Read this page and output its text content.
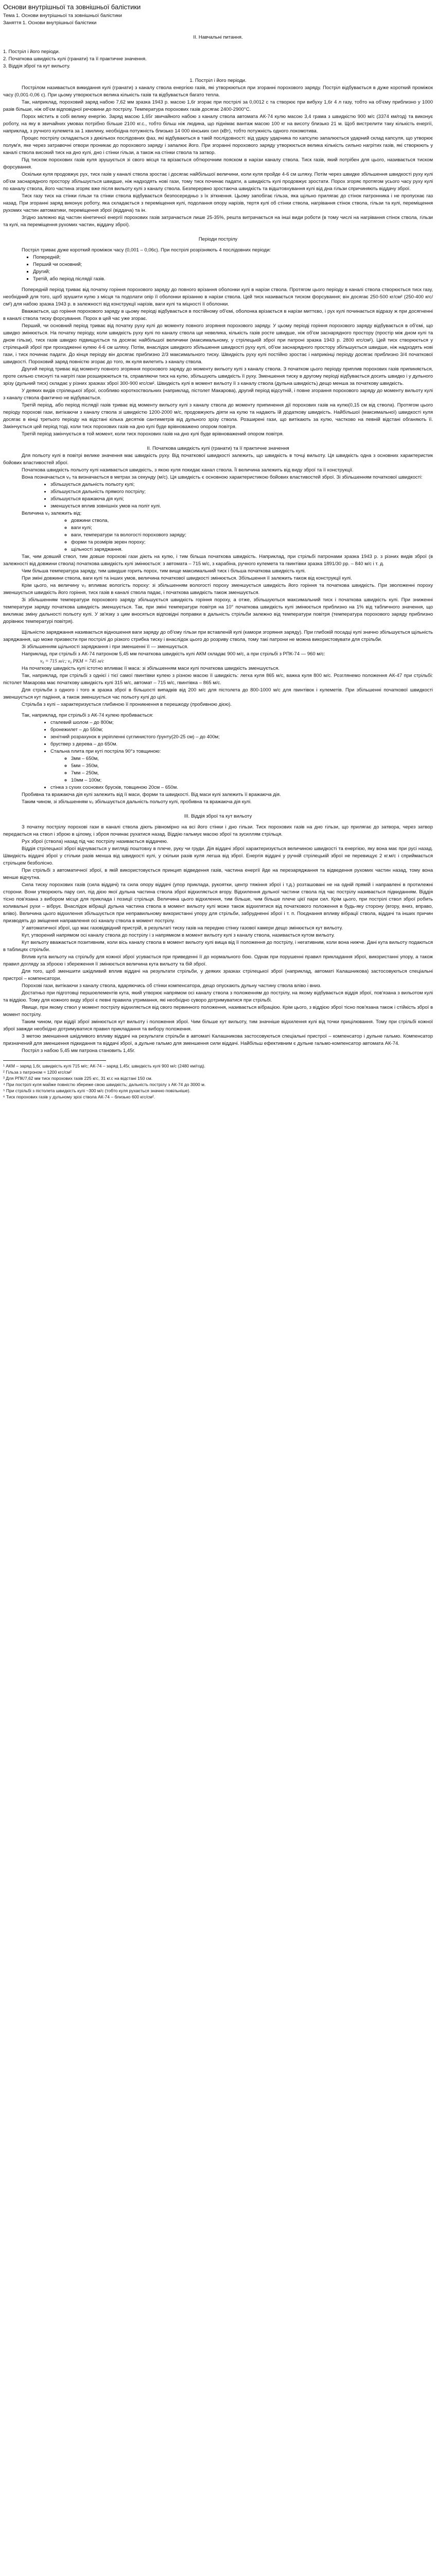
Основи внутрішньої та зовнішньої балістики

Тема 1. Основи внутрішньої та зовнішньої балістики

Заняття 1. Основи внутрішньої балістики

II. Навчальні питання.

1. Постріл і його періоди.

2. Початкова швидкість кулі (гранати) та її практичне значення.

3. Віддія зброї та кут вильоту.

1. Постріл і його періоди.

Пострілом називається викидання кулі (гранати) з каналу ствола енергією газів, які утворюються при згоранні порохового заряду. Постріл відбувається в дуже короткий проміжок часу (0,001-0,06 с). При цьому утворюється велика кількість газів та відбувається багато тепла.

Так, наприклад, пороховий заряд набою 7,62 мм зразка 1943 р. масою 1,6г згорає при пострілі за 0,0012 с та створює при вибуху 1,6г 4 л газу, тобто на об'єму приблизно у 1000 разів більше, ніж об'єм відповідної речовини до пострілу. Температура порохових газів досягає 2400-2900°С.

Порох містить в собі велику енергію. Заряд масою 1,65г звичайного набою з каналу ствола автомата АК-74 кулю масою 3,4 грама з швидкістю 900 м/с (3374 км/год) та виконує роботу, на яку в звичайних умовах потрібно більше 2100 кг.с., тобто більш ніж людина, що піднімає вантаж масою 100 кг на висоту близько 21 м. Щоб вистрелити таку кількість енергії, наприклад, з ручного кулемета за 1 хвилину, необхідна потужність близько 14 000 кінських сил (кВт), тобто потужність одного локомотива.

Процес пострілу складається з декількох послідовних фаз, які відбуваються в такій послідовності: від удару ударника по капсулю запалюється ударний склад капсуля, що утворює полум'я, яке через затравочні отвори проникає до порохового заряду і запалює його. При згоранні порохового заряду утворюється велика кількість сильно нагрітих газів, які створюють у каналі ствола високий тиск на дно кулі, дно і стінки гільзи, а також на стінки ствола та затвор.

Під тиском порохових газів куля зрушується зі свого місця та врізається обтюрочним пояском в нарізи каналу ствола. Тиск газів, який потрібен для цього, називається тиском форсування.

Оскільки куля продовжує рух, тиск газів у каналі ствола зростає і досягає найбільшої величини, коли куля пройде 4-6 см шляху. Потім через швидке збільшення швидкості руху кулі об'єм заснарядного простору збільшується швидше, ніж надходять нові гази, тому тиск починає падати, а швидкість кулі продовжує зростати. Порох згоряє протягом усього часу руху кулі по каналу ствола, його частина згоряє вже після вильоту кулі з каналу ствола. Безперервно зростаюча швидкість та відштовхування кулі від дна гільзи спричиняють віддачу зброї.

Тиск газу тиск на стінки гільзи та стінки ствола відбувається безпосередньо з їх зіткнення. Цьому запобігає гільза, яка щільно прилягає до стінок патронника і не пропускає газ назад. При згоранні заряд виконує роботу, яка складається з переміщення кулі, подолання опору нарізів, тертя кулі об стінки ствола, нагрівання стінок ствола, гільзи та кулі, переміщення рухомих частин автоматики, переміщення зброї (віддача) та ін.

Згідно залежно від частин кінетичної енергії порохових газів затрачається лише 25-35%, решта витрачається на інші види роботи (в тому числі на нагрівання стінок ствола, гільзи та кулі, на переміщення рухомих частин, віддачу зброї).

Періоди пострілу

Постріл триває дуже короткий проміжок часу (0,001 – 0,06с). При пострілі розрізняють 4 послідовних періоди:

▪ Попередній;
▪ Перший чи основний;
▪ Другий;
▪ Третій, або період післядії газів.

Попередній період триває від початку горіння порохового заряду до повного врізання оболонки кулі в нарізи ствола. Протягом цього періоду в каналі ствола створюється тиск газу, необхідний для того, щоб зрушити кулю з місця та подолати опір її оболонки врізанню в нарізи ствола. Цей тиск називається тиском форсування; він досягає 250-500 кг/см² (250-400 кгс/см²) для набою зразка 1943 р. в залежності від конструкції нарізів, ваги кулі та міцності її оболонки.

Вважається, що горіння порохового заряду в цьому періоді відбувається в постійному об'ємі, оболонка врізається в нарізи миттєво, і рух кулі починається відразу ж при досягненні в каналі ствола тиску форсування. Порох в цей час уже згорає.

Перший, чи основний період триває від початку руху кулі до моменту повного згоряння порохового заряду. У цьому періоді горіння порохового заряду відбувається в об'ємі, що швидко змінюється. На початку періоду, коли швидкість руху кулі по каналу ствола ще невелика, кількість газів росте швидше, ніж об'єм заснарядного простору (простір між дном кулі та дном гільзи), тиск газів швидко підвищується та досягає найбільшої величини (максимальному, у стрілецькій зброї при патроні зразка 1943 р. 2800 кгс/см²). Цей тиск створюється у стрілецькій зброї при проходженні кулею 4-6 см шляху. Потім, внаслідок швидкого збільшення швидкості руху кулі, об'єм заснарядного простору збільшується швидше, ніж надходять нові гази, і тиск починає падати. До кінця періоду він досягає приблизно 2/3 максимального тиску. Швидкість руху кулі постійно зростає і наприкінці періоду досягає приблизно 3/4 початкової швидкості. Пороховий заряд повністю згорає до того, як куля вилетить з каналу ствола.

Другий період триває від моменту повного згоряння порохового заряду до моменту вильоту кулі з каналу ствола. З початком цього періоду приплив порохових газів припиняється, проте сильно стиснуті та нагріті гази розширюються та, справляючи тиск на кулю, збільшують швидкість її руху. Зменшення тиску в другому періоді відбувається досить швидко і у дульного зрізу (дульний тиск) складає у різних зразках зброї 300-900 кгс/см². Швидкість кулі в момент вильоту її з каналу ствола (дульна швидкість) дещо менша за початкову швидкість.

У деяких видів стрілецької зброї, особливо короткоствольних (наприклад, пістолет Макарова), другий період відсутній, і повне згорання порохового заряду до моменту вильоту кулі з каналу ствола фактично не відбувається.

Третій період, або період післядії газів триває від моменту вильоту кулі з каналу ствола до моменту припинення дії порохових газів на кулю(0,15 см від ствола). Протягом цього періоду порохові гази, витікаючи з каналу ствола зі швидкістю 1200-2000 м/с, продовжують діяти на кулю та надають їй додаткову швидкість. Найбільшої (максимальної) швидкості куля досягає в кінці третього періоду на відстані кілька десятків сантиметрів від дульного зрізу ствола. Розширені гази, що витікають за кулю, частково на певній відстані обганяють її. Закінчується цей період тоді, коли тиск порохових газів на дно кулі буде врівноважено опором повітря.

Третій період закінчується в той момент, коли тиск порохових газів на дно кулі буде врівноважений опором повітря.

II. Початкова швидкість кулі (гранати) та її практичне значення

Для польоту кулі в повітрі велике значення має швидкість руху. Від початкової швидкості залежить, що швидкість в точці вильоту. Ця швидкість одна з основних характеристик бойових властивостей зброї.

Початкова швидкість польоту кулі називається швидкість, з якою куля покидає канал ствола. Її величина залежить від виду зброї та її конструкції.

Вона позначається v₀ та визначається в метрах за секунду (м/с). Ця швидкість є основною характеристикою бойових властивостей зброї. Зі збільшенням початкової швидкості:

• збільшується дальність польоту кулі;
• збільшується дальність прямого пострілу;
• збільшується вражаюча дія кулі;
• зменшується вплив зовнішніх умов на політ кулі.

Величина v₀ залежить від:

◦ довжини ствола,
◦ ваги кулі;
◦ ваги, температури та вологості порохового заряду;
◦ форми та розмірів зерен пороху;
◦ щільності заряджання.

Так, чим довший ствол, тим довше порохові гази діють на кулю, і тим більша початкова швидкість. Наприклад, при стрільбі патронами зразка 1943 р. з різних видів зброї (в залежності від довжини ствола) початкова швидкість кулі змінюється: з автомата – 715 м/с, з карабіна, ручного кулемета та гвинтівки зразка 1891/30 рр. – 840 м/с і т. д.

Чим більша температура заряду, тим швидше горить порох, тим вище максимальний тиск і більша початкова швидкість кулі.

При зміні довжини ствола, ваги кулі та інших умов, величина початкової швидкості змінюється. Збільшення її залежить також від конструкції кулі.

Крім цього, на величину v₀ впливає вологість пороху: зі збільшенням вологості пороху зменшується швидкість його горіння та початкова швидкість. При зволоженні пороху зменшується швидкість його горіння, тиск газів в каналі ствола падає, і початкова швидкість також зменшується.

Зі збільшенням температури порохового заряду збільшується швидкість горіння пороху, а отже, збільшуються максимальний тиск і початкова швидкість кулі. При зниженні температури заряду початкова швидкість зменшується. Так, при зміні температури повітря на 10° початкова швидкість кулі змінюється приблизно на 1% від табличного значення, що викликає зміну дальності польоту кулі. У зв'язку з цим вносяться відповідні поправки в дальність стрільби залежно від температури повітря (температура порохового заряду приблизно дорівнює температурі повітря).

Щільністю заряджання називається відношення ваги заряду до об'єму гільзи при вставленій кулі (камори згоряння заряду). При глибокій посадці кулі значно збільшується щільність заряджання, що може призвести при пострілі до різкого стрибка тиску і внаслідок цього до розриву ствола, тому такі патрони не можна використовувати для стрільби.

Зі збільшенням щільності заряджання і при зменшенні її — зменшується.

Наприклад, при стрільбі з АК-74 патроном 5,45 мм початкова швидкість кулі АКМ складає 900 м/с, а при стрільбі з РПК-74 — 960 м/с:

v₀ = 715 м/с; v₀ РКМ = 745 м/с

На початкову швидкість кулі істотно впливає її маса: зі збільшенням маси кулі початкова швидкість зменшується.

Так, наприклад, при стрільбі з однієї і тієї самої гвинтівки кулею з різною масою її швидкість: легка куля 865 м/с, важка куля 800 м/с. Розглянемо положення АК-47 при стрільбі: пістолет Макарова має початкову швидкість кулі 315 м/с, автомат – 715 м/с, гвинтівка – 865 м/с.

Для стрільби з одного і того ж зразка зброї в більшості випадків від 200 м/с для пістолета до 800-1000 м/с для гвинтівок і кулеметів. При збільшенні початкової швидкості зменшується кут падіння, а також зменшується час польоту кулі до цілі.

Стрільба з кулі – характеризується глибиною її проникнення в перешкоду (пробивною дією).

Так, наприклад, при стрільбі з АК-74 кулею пробивається:

• сталевий шолом – до 800м;
• бронежилет – до 550м;
• зенітний розрахунок в укріпленні суглинистого ґрунту(20-25 см) – до 400м;
• бруствер з дерева – до 650м.
• Стальна плита при куті постріла 90°з товщиною:
◦ 3мм – 650м,
◦ 5мм – 350м,
◦ 7мм – 250м,
◦ 10мм – 100м;
• стінка з сухих соснових брусків, товщиною 20см – 650м.

Пробивна та вражаюча дія кулі залежить від її маси, форми та швидкості. Від маси кулі залежить її вражаюча дія.

Таким чином, зі збільшенням v₀ збільшується дальність польоту кулі, пробивна та вражаюча дія кулі.

III. Віддія зброї та кут вильоту

З початку пострілу порохові гази в каналі ствола діють рівномірно на всі його стінки і дно гільзи. Тиск порохових газів на дно гільзи, що прилягає до затвора, через затвор передається на ствол і зброю в цілому, і зброя починає рухатися назад. Віддію гальмує масою зброї та зусиллям стрільця.

Рух зброї (ствола) назад під час пострілу називається віддачею.

Віддія стрілецької зброї відчувається у вигляді поштовху в плече, руку чи груди. Дія віддачі зброї характеризується величиною швидкості та енергією, яку вона має при русі назад. Швидкість віддачі зброї у стільки разів менша від швидкості кулі, у скільки разів куля легша від зброї. Енергія віддачі у ручній стрілецькій зброї не перевищує 2 кг.м/с і сприймається стрільцем безболісно.

При стрільбі з автоматичної зброї, в якій використовується принцип відведення газів, частина енергії йде на перезаряджання та відведення рухомих частин назад, тому вона менше відчутна.

Сила тиску порохових газів (сила віддачі) та сила опору віддачі (упор приклада, рукоятки, центр тяжіння зброї і т.д.) розташовані не на одній прямій і направлені в протилежні сторони. Вони утворюють пару сил, під дією якої дульна частина ствола зброї відхиляється вгору. Відхилення дульної частини ствола під час пострілу називається підкиданням. Віддія тісно пов'язана з вибором місця для приклада і позиції стрільця. Величина цього відхилення, тим більше, чим більше плече цієї пари сил. Крім цього, при пострілі ствол зброї робить коливальні рухи – вібрує. Внаслідок вібрації дульна частина ствола в момент вильоту кулі може також відхилятися від початкового положення в будь-яку сторону (вгору, вниз, вправо, вліво). Величина цього відхилення збільшується при неправильному використанні упору для стрільби, забрудненні зброї і т. п. Поєднання впливу вібрації ствола, віддачі та інших причин призводять до зміщення направлення осі каналу ствола в момент пострілу.

У автоматичної зброї, що має газовідвідний пристрій, в результаті тиску газів на передню стінку газової камери дещо змінюється кут вильоту.

Кут, утворений напрямом осі каналу ствола до пострілу і з напрямком в момент вильоту кулі з каналу ствола, називається кутом вильоту.

Кут вильоту вважається позитивним, коли вісь каналу ствола в момент вильоту кулі вища від її положення до пострілу, і негативним, коли вона нижче. Дані кута вильоту подаються в таблицях стрільби.

Вплив кута вильоту на стрільбу для кожної зброї усувається при приведенні її до нормального бою. Однак при порушенні правил прикладання зброї, використанні упору, а також правил догляду за зброєю і збереження її змінюється величина кута вильоту та бій зброї.

Для того, щоб зменшити шкідливий вплив віддачі на результати стрільби, у деяких зразках стрілецької зброї (наприклад, автоматі Калашникова) застосовуються спеціальні пристрої – компенсатори.

Порохові гази, витікаючи з каналу ствола, вдаряючись об стінки компенсатора, дещо опускають дульну частину ствола вліво і вниз.

Достатньо при підготовці першоелементів кута, який утворює напрямом осі каналу ствола з положенням до пострілу, на якому відбувається віддія зброї, пов'язана з вильотом кулі та віддією. Тому для кожного виду зброї є певні правила утримання, які необхідно суворо дотримуватися при стрільбі.

Явище, при якому ствол у момент пострілу відхиляється від свого первинного положення, називається вібрацією. Крім цього, з віддією зброї тісно пов'язана також і стійкість зброї в момент пострілу.

Таким чином, при віддії зброї змінюється кут вильоту і положення зброї. Чим більше кут вильоту, тим значніше відхилення кулі від точки прицілювання. Тому при стрільбі кожної зброї завжди необхідно дотримуватися правил прикладання та вибору положення.

З метою зменшення шкідливого впливу віддачі на результати стрільби в автоматі Калашникова застосовуються спеціальні пристрої – компенсатор і дульне гальмо. Компенсатор призначений для зменшення підкидання та віддачі зброї, а дульне гальмо для зменшення сили віддачі. Найбільш ефективним є дульне гальмо-компенсатор автомата АК-74.

Постріл з набою 5,45 мм патрона становить 1,45г.

¹ АКМ – заряд 1,6г, швидкість кулі 715 м/с; АК-74 – заряд 1,45г, швидкість кулі 900 м/с (2480 км/год).

² Гільза з патроном ≈ 1200 кгс/см²

³ Для РПК/7,62 мм тиск порохових газів 225 кгс, 31 кг.с на відстані 150 см.

⁴ При пострілі куля майже повністю збереже свою швидкість; дальність пострілу з АК-74 до 3000 м.

⁵ При стрільбі з пістолета швидкість кулі ~300 м/с (тобто куля рухається значно повільніше).

⁶ Тиск порохових газів у дульному зрізі ствола АК-74 – близько 600 кгс/см².
